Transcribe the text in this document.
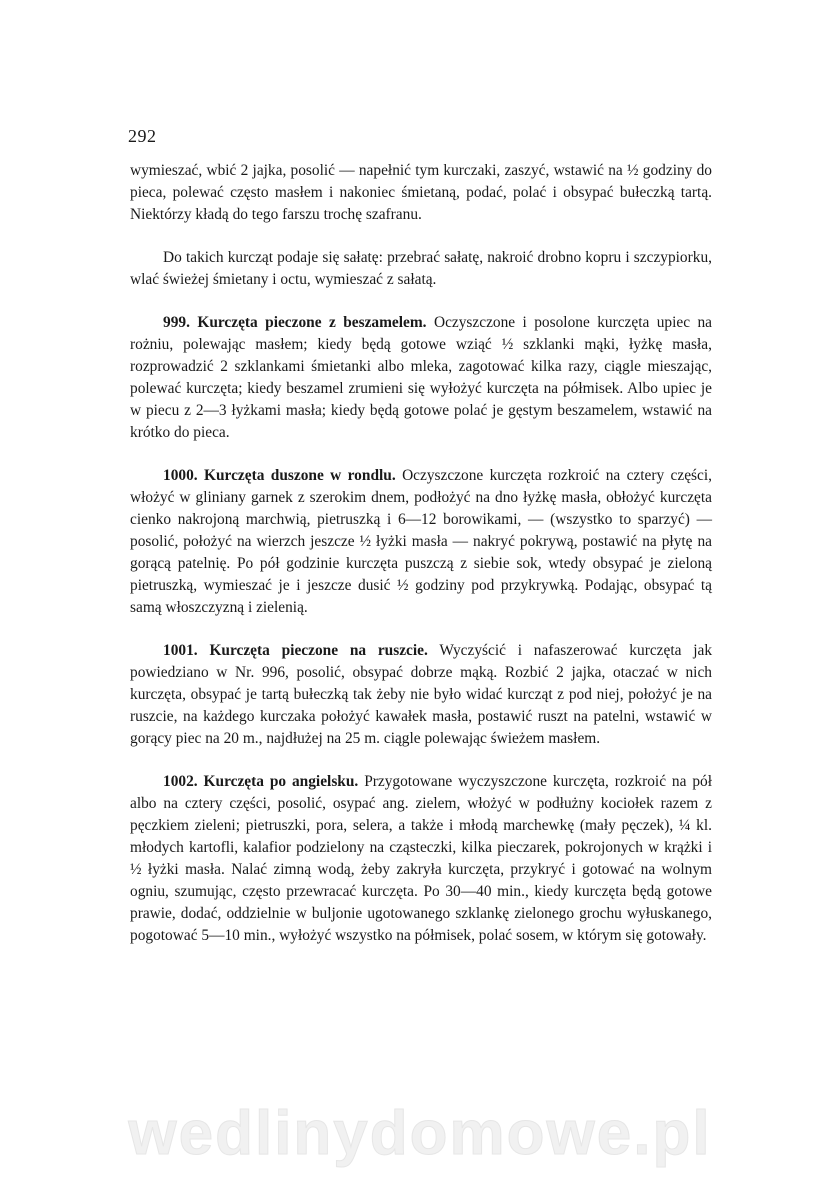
292

wymieszać, wbić 2 jajka, posolić — napełnić tym kurczaki, zaszyć, wstawić na ½ godziny do pieca, polewać często masłem i nakoniec śmietaną, podać, polać i obsypać bułeczką tartą. Niektórzy kładą do tego farszu trochę szafranu.

Do takich kurcząt podaje się sałatę: przebrać sałatę, nakroić drobno kopru i szczypiorku, wlać świeżej śmietany i octu, wymieszać z sałatą.

999. Kurczęta pieczone z beszamelem. Oczyszczone i posolone kurczęta upiec na rożniu, polewając masłem; kiedy będą gotowe wziąć ½ szklanki mąki, łyżkę masła, rozprowadzić 2 szklankami śmietanki albo mleka, zagotować kilka razy, ciągle mieszając, polewać kurczęta; kiedy beszamel zrumieni się wyłożyć kurczęta na półmisek. Albo upiec je w piecu z 2—3 łyżkami masła; kiedy będą gotowe polać je gęstym beszamelem, wstawić na krótko do pieca.

1000. Kurczęta duszone w rondlu. Oczyszczone kurczęta rozkroić na cztery części, włożyć w gliniany garnek z szerokim dnem, podłożyć na dno łyżkę masła, obłożyć kurczęta cienko nakrojoną marchwią, pietruszką i 6—12 borowikami, — (wszystko to sparzyć) — posolić, położyć na wierzch jeszcze ½ łyżki masła — nakryć pokrywą, postawić na płytę na gorącą patelnię. Po pół godzinie kurczęta puszczą z siebie sok, wtedy obsypać je zieloną pietruszką, wymieszać je i jeszcze dusić ½ godziny pod przykrywką. Podając, obsypać tą samą włoszczyzną i zielenią.

1001. Kurczęta pieczone na ruszcie. Wyczyścić i nafaszerować kurczęta jak powiedziano w Nr. 996, posolić, obsypać dobrze mąką. Rozbić 2 jajka, otaczać w nich kurczęta, obsypać je tartą bułeczką tak żeby nie było widać kurcząt z pod niej, położyć je na ruszcie, na każdego kurczaka położyć kawałek masła, postawić ruszt na patelni, wstawić w gorący piec na 20 m., najdłużej na 25 m. ciągle polewając świeżem masłem.

1002. Kurczęta po angielsku. Przygotowane wyczyszczone kurczęta, rozkroić na pół albo na cztery części, posolić, osypać ang. zielem, włożyć w podłużny kociołek razem z pęczkiem zieleni; pietruszki, pora, selera, a także i młodą marchewkę (mały pęczek), ¼ kl. młodych kartofli, kalafior podzielony na cząsteczki, kilka pieczarek, pokrojonych w krążki i ½ łyżki masła. Nalać zimną wodą, żeby zakryła kurczęta, przykryć i gotować na wolnym ogniu, szumując, często przewracać kurczęta. Po 30—40 min., kiedy kurczęta będą gotowe prawie, dodać, oddzielnie w buljonie ugotowanego szklankę zielonego grochu wyłuskanego, pogotować 5—10 min., wyłożyć wszystko na półmisek, polać sosem, w którym się gotowały.

wedlinydomowe.pl
